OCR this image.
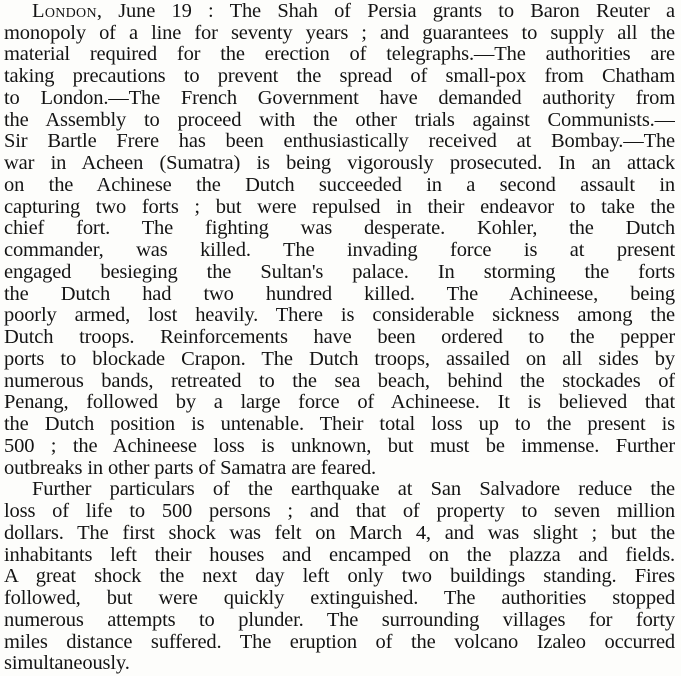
London, June 19 : The Shah of Persia grants to Baron Reuter a
monopoly of a line for seventy years ; and guarantees to supply all the
material required for the erection of telegraphs.—The authorities are
taking precautions to prevent the spread of small-pox from Chatham
to London.—The French Government have demanded authority from
the Assembly to proceed with the other trials against Communists.—
Sir Bartle Frere has been enthusiastically received at Bombay.—The
war in Acheen (Sumatra) is being vigorously prosecuted. In an attack
on the Achinese the Dutch succeeded in a second assault in
capturing two forts ; but were repulsed in their endeavor to take the
chief fort. The fighting was desperate. Kohler, the Dutch
commander, was killed. The invading force is at present
engaged besieging the Sultan's palace. In storming the forts
the Dutch had two hundred killed. The Achineese, being
poorly armed, lost heavily. There is considerable sickness among the
Dutch troops. Reinforcements have been ordered to the pepper
ports to blockade Crapon. The Dutch troops, assailed on all sides by
numerous bands, retreated to the sea beach, behind the stockades of
Penang, followed by a large force of Achineese. It is believed that
the Dutch position is untenable. Their total loss up to the present is
500 ; the Achineese loss is unknown, but must be immense. Further
outbreaks in other parts of Samatra are feared.
Further particulars of the earthquake at San Salvadore reduce the
loss of life to 500 persons ; and that of property to seven million
dollars. The first shock was felt on March 4, and was slight ; but the
inhabitants left their houses and encamped on the plazza and fields.
A great shock the next day left only two buildings standing. Fires
followed, but were quickly extinguished. The authorities stopped
numerous attempts to plunder. The surrounding villages for forty
miles distance suffered. The eruption of the volcano Izaleo occurred
simultaneously.
